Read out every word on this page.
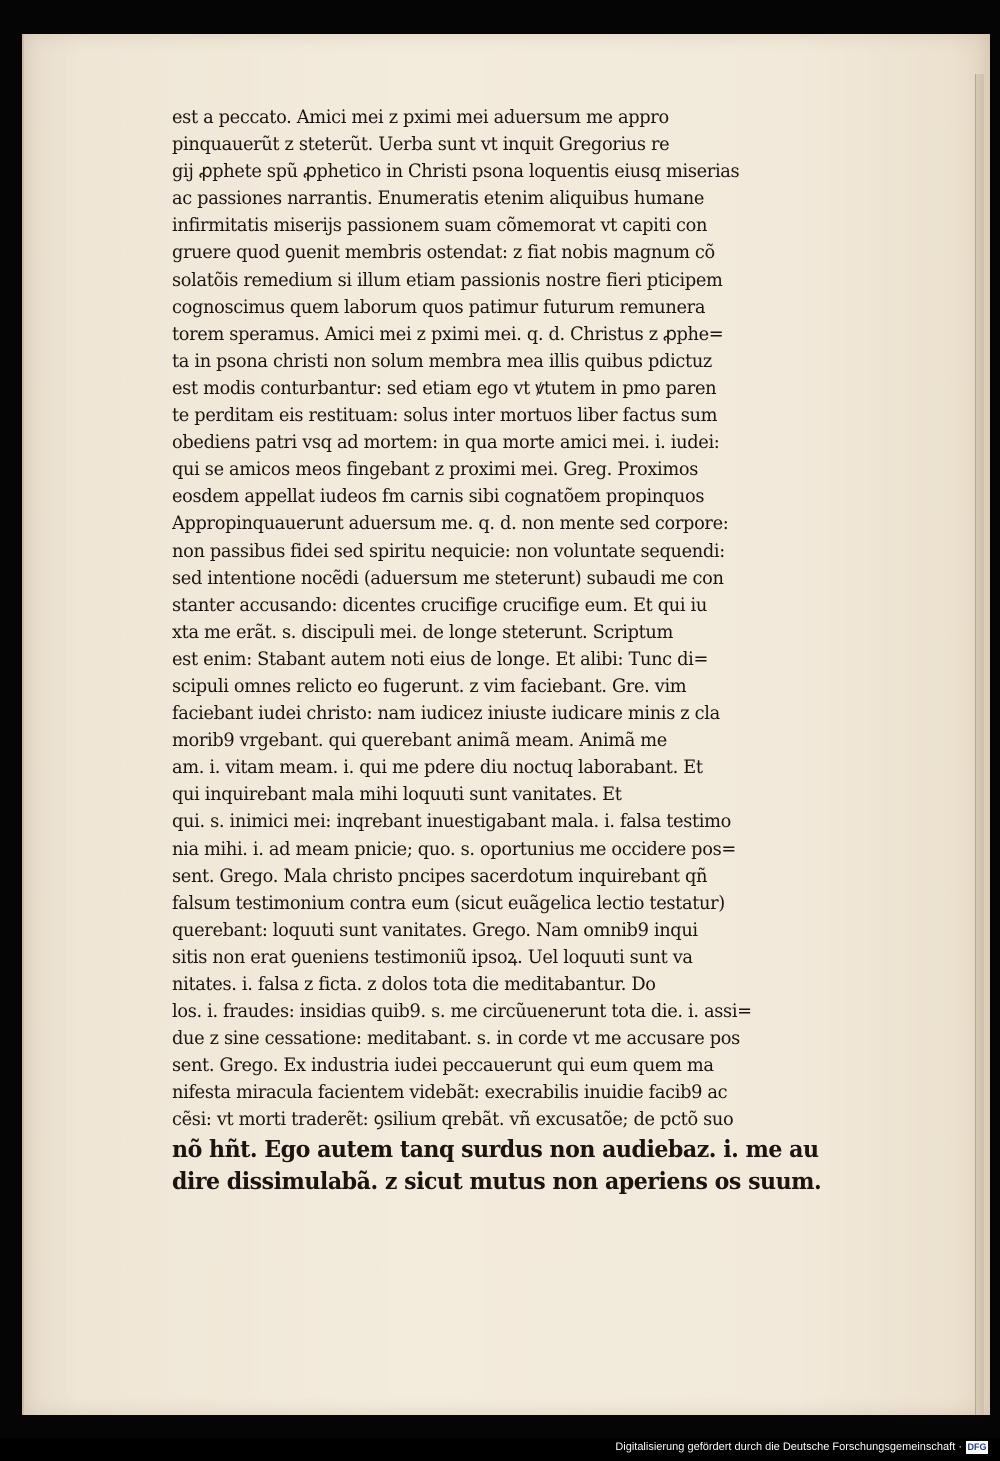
est a peccato. Amici mei z pximi mei aduersum me appro
pinquauerũt z steterũt. Uerba sunt vt inquit Gregorius re
gij ꝓphete spũ ꝓphetico in Christi psona loquentis eiusq miserias
ac passiones narrantis. Enumeratis etenim aliquibus humane
infirmitatis miserijs passionem suam cõmemorat vt capiti con
gruere quod ꝯuenit membris ostendat: z fiat nobis magnum cõ
solatõis remedium si illum etiam passionis nostre fieri pticipem
cognoscimus quem laborum quos patimur futurum remunera
torem speramus. Amici mei z pximi mei. q. d. Christus z ꝓphe=
ta in psona christi non solum membra mea illis quibus pdictuz
est modis conturbantur: sed etiam ego vt ꝟtutem in pmo paren
te perditam eis restituam: solus inter mortuos liber factus sum
obediens patri vsq ad mortem: in qua morte amici mei. i. iudei:
qui se amicos meos fingebant z proximi mei. Greg. Proximos
eosdem appellat iudeos fm carnis sibi cognatõem propinquos
Appropinquauerunt aduersum me. q. d. non mente sed corpore:
non passibus fidei sed spiritu nequicie: non voluntate sequendi:
sed intentione nocẽdi (aduersum me steterunt) subaudi me con
stanter accusando: dicentes crucifige crucifige eum. Et qui iu
xta me erãt. s. discipuli mei. de longe steterunt. Scriptum
est enim: Stabant autem noti eius de longe. Et alibi: Tunc di=
scipuli omnes relicto eo fugerunt. z vim faciebant. Gre. vim
faciebant iudei christo: nam iudicez iniuste iudicare minis z cla
morib9 vrgebant. qui querebant animã meam. Animã me
am. i. vitam meam. i. qui me pdere diu noctuq laborabant. Et
qui inquirebant mala mihi loquuti sunt vanitates. Et
qui. s. inimici mei: inqrebant inuestigabant mala. i. falsa testimo
nia mihi. i. ad meam pnicie; quo. s. oportunius me occidere pos=
sent. Grego. Mala christo pncipes sacerdotum inquirebant qñ
falsum testimonium contra eum (sicut euãgelica lectio testatur)
querebant: loquuti sunt vanitates. Grego. Nam omnib9 inqui
sitis non erat ꝯueniens testimoniũ ipsoꝝ. Uel loquuti sunt va
nitates. i. falsa z ficta. z dolos tota die meditabantur. Do
los. i. fraudes: insidias quib9. s. me circũuenerunt tota die. i. assi=
due z sine cessatione: meditabant. s. in corde vt me accusare pos
sent. Grego. Ex industria iudei peccauerunt qui eum quem ma
nifesta miracula facientem videbãt: execrabilis inuidie facib9 ac
cẽsi: vt morti traderẽt: ꝯsilium qrebãt. vñ excusatõe; de pctõ suo
nõ hñt. Ego autem tanq surdus non audiebaz. i. me au
dire dissimulabã. z sicut mutus non aperiens os suum.
Digitalisierung gefördert durch die Deutsche Forschungsgemeinschaft · DFG
